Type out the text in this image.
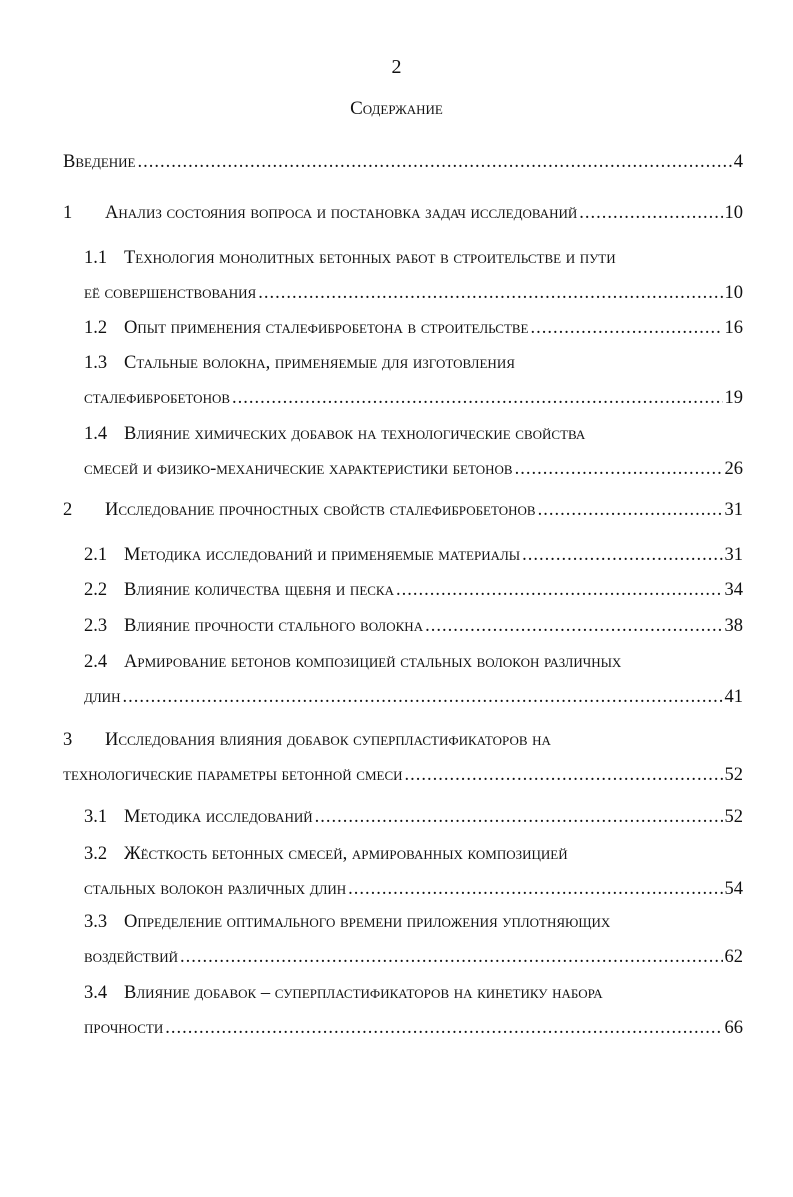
2
Содержание
Введение .....	4
1	Анализ состояния вопроса и постановка задач исследований .....	10
1.1 Технология монолитных бетонных работ в строительстве и пути
её совершенствования .....	10
1.2 Опыт применения сталефибробетона в строительстве .....	16
1.3 Стальные волокна, применяемые для изготовления
сталефибробетонов .....	19
1.4 Влияние химических добавок на технологические свойства
смесей и физико-механические характеристики бетонов .....	26
2	Исследование прочностных свойств сталефибробетонов .....	31
2.1 Методика исследований и применяемые материалы .....	31
2.2 Влияние количества щебня и песка .....	34
2.3 Влияние прочности стального волокна .....	38
2.4 Армирование бетонов композицией стальных волокон различных
длин .....	41
3 Исследования влияния добавок суперпластификаторов на
технологические параметры бетонной смеси .....	52
3.1 Методика исследований .....	52
3.2 Жёсткость бетонных смесей, армированных композицией
стальных волокон различных длин .....	54
3.3 Определение оптимального времени приложения уплотняющих
воздействий .....	62
3.4 Влияние добавок – суперпластификаторов на кинетику набора
прочности .....	66
